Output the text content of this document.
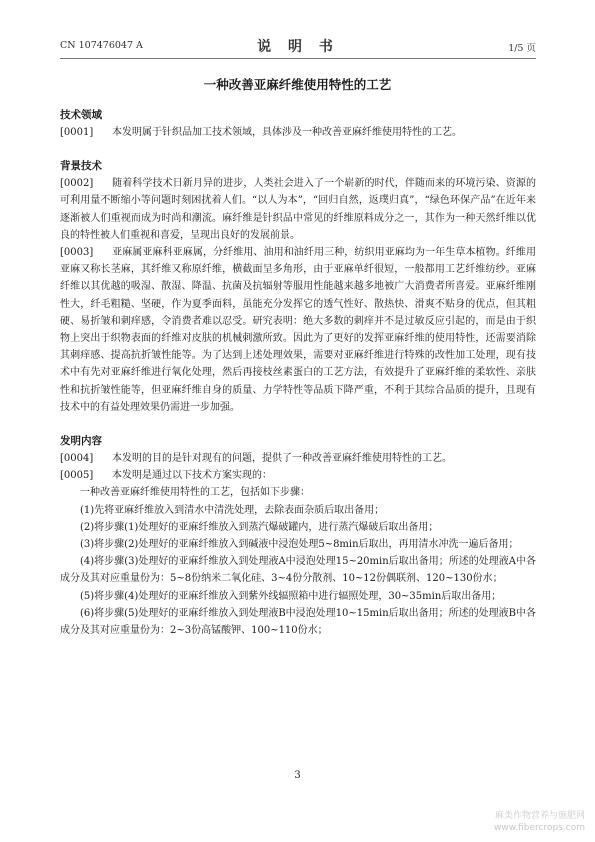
CN 107476047 A	说 明 书	1/5 页
一种改善亚麻纤维使用特性的工艺

技术领域

[0001] 本发明属于针织品加工技术领域，具体涉及一种改善亚麻纤维使用特性的工艺。

背景技术

[0002] 随着科学技术日新月异的进步，人类社会进入了一个崭新的时代，伴随而来的环境污染、资源的可利用量不断缩小等问题时刻困扰着人们。“以人为本”，“回归自然，返璞归真”，“绿色环保产品”在近年来逐渐被人们重视而成为时尚和潮流。麻纤维是针织品中常见的纤维原料成分之一，其作为一种天然纤维以优良的特性被人们重视和喜爱，呈现出良好的发展前景。

[0003] 亚麻属亚麻科亚麻属，分纤维用、油用和油纤用三种，纺织用亚麻均为一年生草本植物。纤维用亚麻又称长茎麻，其纤维又称原纤维，横截面呈多角形，由于亚麻单纤很短，一般都用工艺纤维纺纱。亚麻纤维以其优越的吸湿、散湿、降温、抗菌及抗辐射等服用性能越来越多地被广大消费者所喜爱。亚麻纤维刚性大，纤毛粗糙、坚硬，作为夏季面料，虽能充分发挥它的透气性好、散热快、滑爽不贴身的优点，但其粗硬、易折皱和刺痒感，令消费者难以忍受。研究表明：绝大多数的刺痒并不是过敏反应引起的，而是由于织物上突出于织物表面的纤维对皮肤的机械刺激所致。因此为了更好的发挥亚麻纤维的使用特性，还需要消除其刺痒感、提高抗折皱性能等。为了达到上述处理效果，需要对亚麻纤维进行特殊的改性加工处理，现有技术中有先对亚麻纤维进行氧化处理，然后再接枝丝素蛋白的工艺方法，有效提升了亚麻纤维的柔软性、亲肤性和抗折皱性能等，但亚麻纤维自身的质量、力学特性等品质下降严重，不利于其综合品质的提升，且现有技术中的有益处理效果仍需进一步加强。

发明内容

[0004] 本发明的目的是针对现有的问题，提供了一种改善亚麻纤维使用特性的工艺。

[0005] 本发明是通过以下技术方案实现的：

一种改善亚麻纤维使用特性的工艺，包括如下步骤：

(1)先将亚麻纤维放入到清水中清洗处理，去除表面杂质后取出备用；

(2)将步骤(1)处理好的亚麻纤维放入到蒸汽爆破罐内，进行蒸汽爆破后取出备用；

(3)将步骤(2)处理好的亚麻纤维放入到碱液中浸泡处理5~8min后取出，再用清水冲洗一遍后备用；

(4)将步骤(3)处理好的亚麻纤维放入到处理液A中浸泡处理15~20min后取出备用；所述的处理液A中各成分及其对应重量份为：5~8份纳米二氧化硅、3~4份分散剂、10~12份偶联剂、120~130份水；

(5)将步骤(4)处理好的亚麻纤维放入到紫外线辐照箱中进行辐照处理，30~35min后取出备用；

(6)将步骤(5)处理好的亚麻纤维放入到处理液B中浸泡处理10~15min后取出备用；所述的处理液B中各成分及其对应重量份为：2~3份高锰酸钾、100~110份水；

3
麻类作物营养与施肥网
www.fibercrops.com
